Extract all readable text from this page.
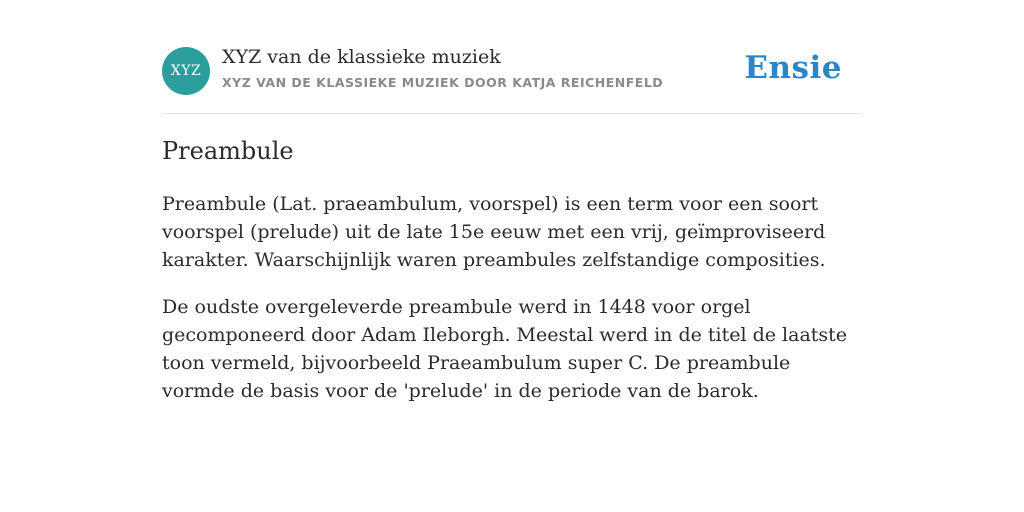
XYZ
XYZ van de klassieke muziek
XYZ VAN DE KLASSIEKE MUZIEK DOOR KATJA REICHENFELD	Ensie
Preambule

Preambule (Lat. praeambulum, voorspel) is een term voor een soort voorspel (prelude) uit de late 15e eeuw met een vrij, geïmproviseerd karakter. Waarschijnlijk waren preambules zelfstandige composities.

De oudste overgeleverde preambule werd in 1448 voor orgel gecomponeerd door Adam Ileborgh. Meestal werd in de titel de laatste toon vermeld, bijvoorbeeld Praeambulum super C. De preambule vormde de basis voor de 'prelude' in de periode van de barok.
